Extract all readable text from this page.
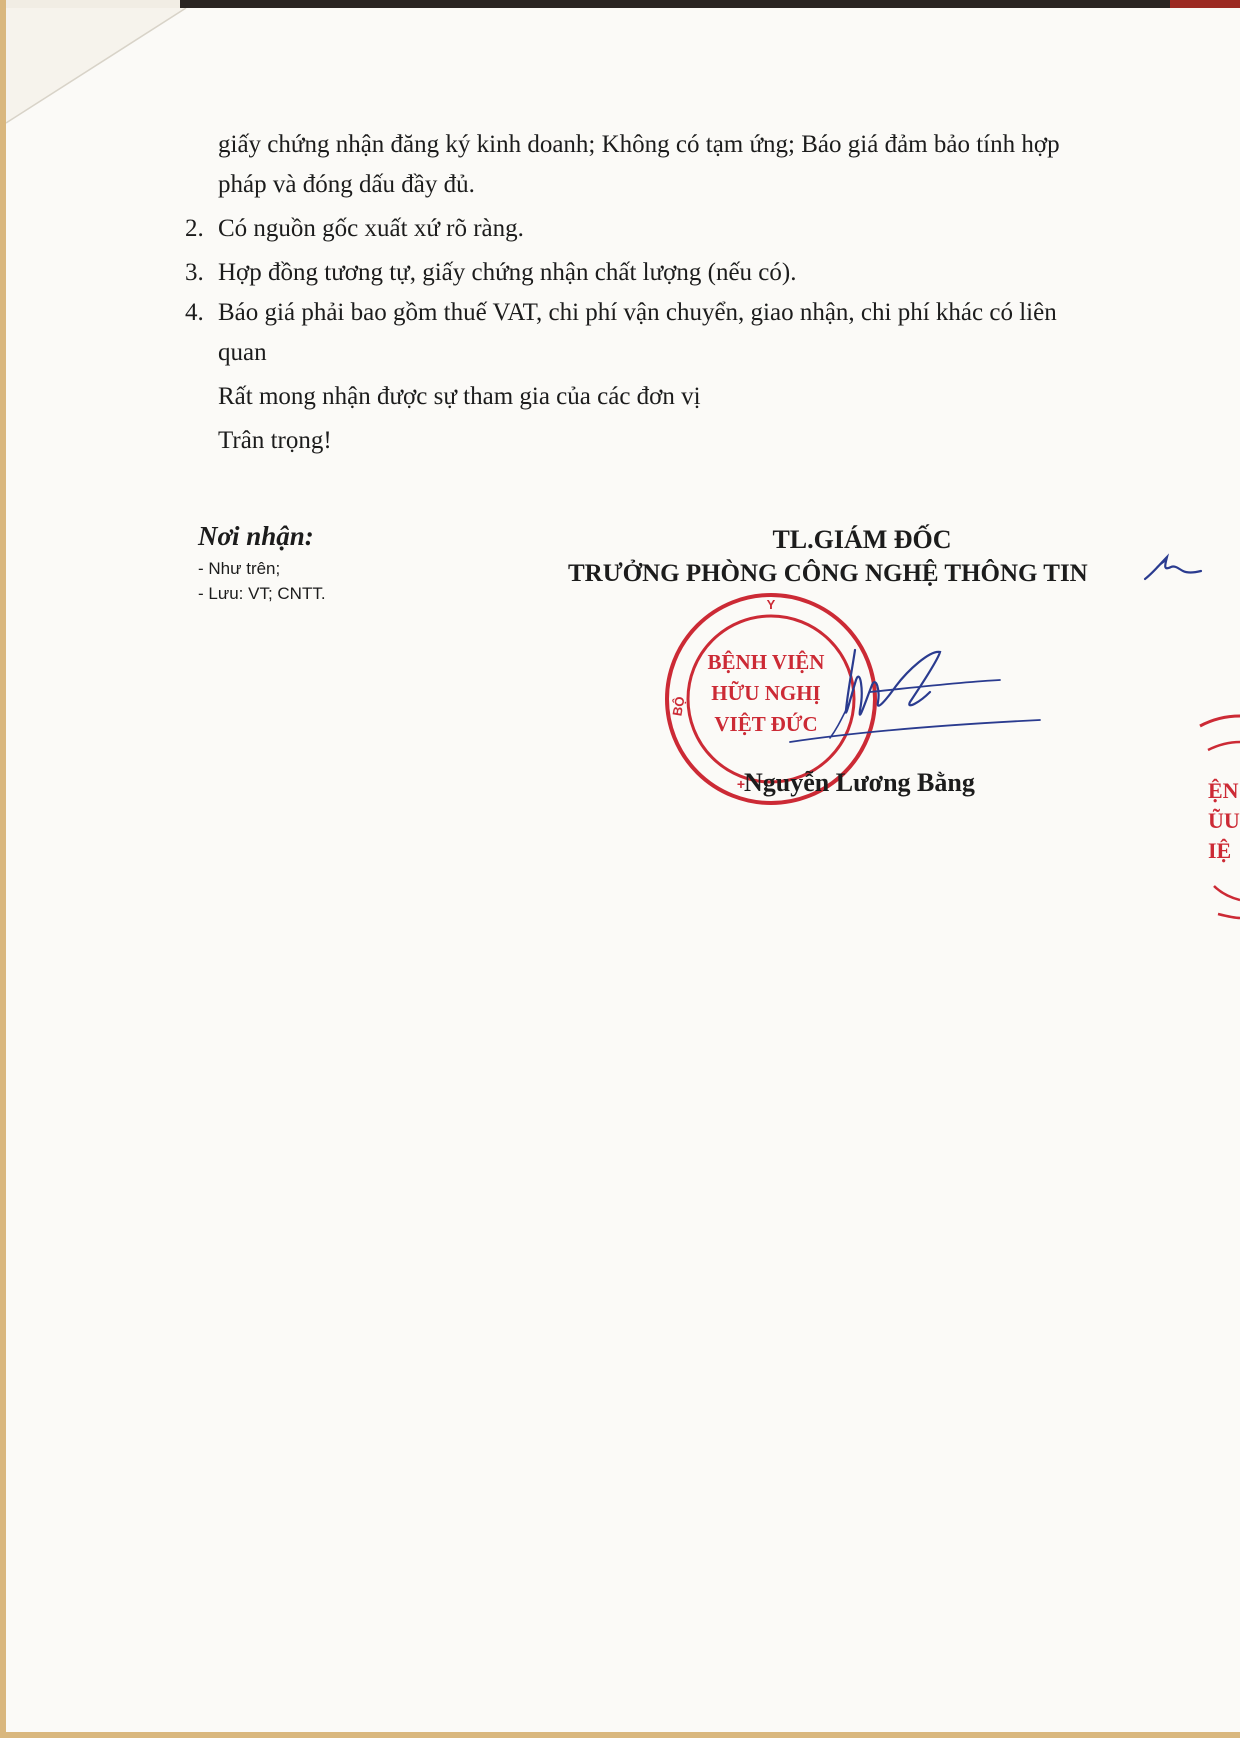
giấy chứng nhận đăng ký kinh doanh; Không có tạm ứng; Báo giá đảm bảo tính hợp

pháp và đóng dấu đầy đủ.

2. Có nguồn gốc xuất xứ rõ ràng.

3. Hợp đồng tương tự, giấy chứng nhận chất lượng (nếu có).

4. Báo giá phải bao gồm thuế VAT, chi phí vận chuyển, giao nhận, chi phí khác có liên

quan

Rất mong nhận được sự tham gia của các đơn vị

Trân trọng!

Nơi nhận:

- Như trên;

- Lưu: VT; CNTT.

TL.GIÁM ĐỐC

TRƯỞNG PHÒNG CÔNG NGHỆ THÔNG TIN

Y
BỘ
BỆNH VIỆN
HỮU NGHỊ
VIỆT ĐỨC
+
Nguyễn Lương Bằng	ỆN
ŨU
IỆ
